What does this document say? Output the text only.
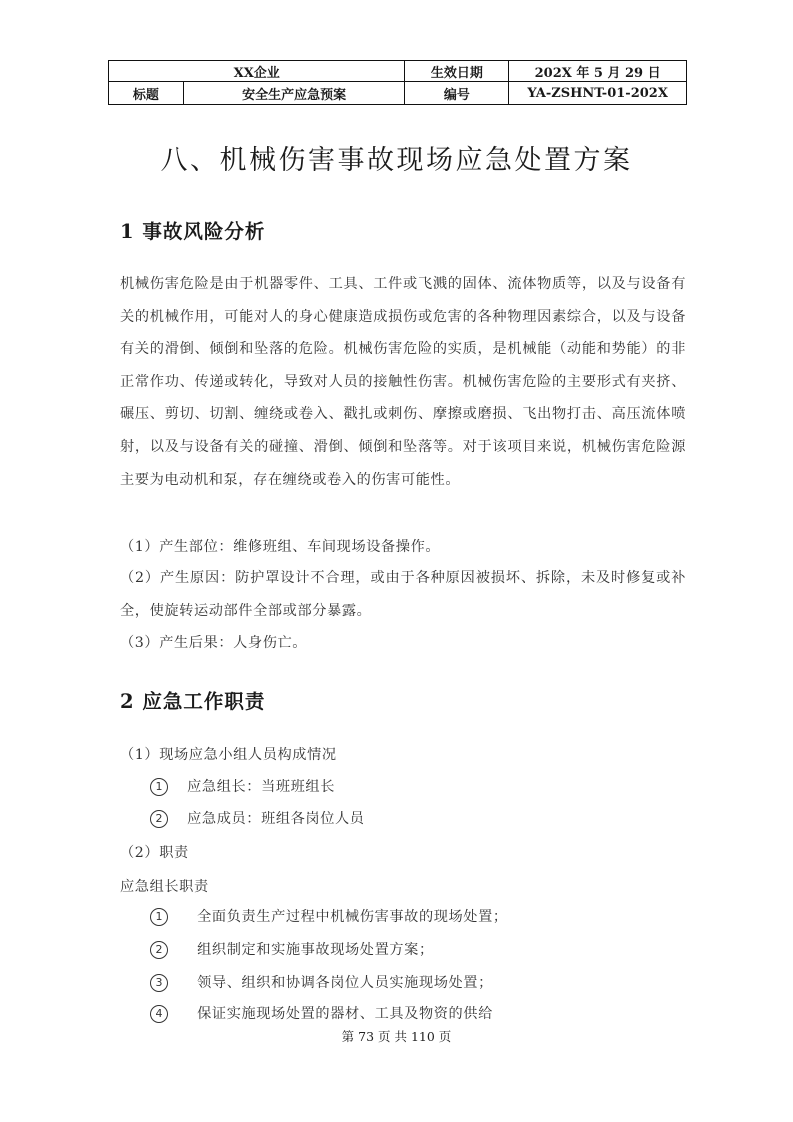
XX企业		生效日期	202X 年 5 月 29 日
标题	安全生产应急预案	编号	YA-ZSHNT-01-202X
八、机械伤害事故现场应急处置方案
1 事故风险分析
机械伤害危险是由于机器零件、工具、工件或飞溅的固体、流体物质等，以及与设备有关的机械作用，可能对人的身心健康造成损伤或危害的各种物理因素综合，以及与设备有关的滑倒、倾倒和坠落的危险。机械伤害危险的实质，是机械能（动能和势能）的非正常作功、传递或转化，导致对人员的接触性伤害。机械伤害危险的主要形式有夹挤、碾压、剪切、切割、缠绕或卷入、戳扎或刺伤、摩擦或磨损、飞出物打击、高压流体喷射，以及与设备有关的碰撞、滑倒、倾倒和坠落等。对于该项目来说，机械伤害危险源主要为电动机和泵，存在缠绕或卷入的伤害可能性。
（1）产生部位：维修班组、车间现场设备操作。
（2）产生原因：防护罩设计不合理，或由于各种原因被损坏、拆除，未及时修复或补全，使旋转运动部件全部或部分暴露。
（3）产生后果：人身伤亡。
2 应急工作职责
（1）现场应急小组人员构成情况
1 应急组长：当班班组长
2 应急成员：班组各岗位人员
（2）职责
应急组长职责
1 全面负责生产过程中机械伤害事故的现场处置；
2 组织制定和实施事故现场处置方案；
3 领导、组织和协调各岗位人员实施现场处置；
4 保证实施现场处置的器材、工具及物资的供给
第 73 页 共 110 页
